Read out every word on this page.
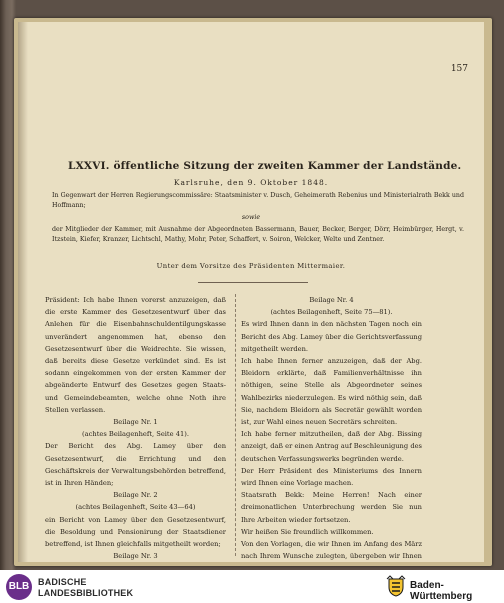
157
LXXVI. öffentliche Sitzung der zweiten Kammer der Landstände.
Karlsruhe, den 9. Oktober 1848.
In Gegenwart der Herren Regierungscommissäre: Staatsminister v. Dusch, Geheimerath Rebenius und Ministerialrath Bekk und Hoffmann;
sowie
der Mitglieder der Kammer, mit Ausnahme der Abgeordneten Bassermann, Bauer, Becker, Berger, Dörr, Heimbürger, Hergt, v. Itzstein, Kiefer, Kranzer, Lichtschl, Mathy, Mohr, Peter, Schaffert, v. Soiron, Welcker, Welte und Zentner.
Unter dem Vorsitze des Präsidenten Mittermaier.

Präsident: Ich habe Ihnen vorerst anzuzeigen, daß die erste Kammer des Gesetzesentwurf über das Anlehen für die Eisenbahnschuldentilgungskasse unverändert angenommen hat, ebenso den Gesetzesentwurf über die Weidrechte. Sie wissen, daß bereits diese Gesetze verkündet sind. Es ist sodann eingekommen von der ersten Kammer der abgeänderte Entwurf des Gesetzes gegen Staats- und Gemeindebeamten, welche ohne Noth ihre Stellen verlassen.

Beilage Nr. 1

(achtes Beilagenheft, Seite 41).

Der Bericht des Abg. Lamey über den Gesetzesentwurf, die Errichtung und den Geschäftskreis der Verwaltungsbehörden betreffend, ist in Ihren Händen;

Beilage Nr. 2

(achtes Beilagenheft, Seite 43—64)

ein Bericht von Lamey über den Gesetzesentwurf, die Besoldung und Pensionirung der Staatsdiener betreffend, ist Ihnen gleichfalls mitgetheilt worden;

Beilage Nr. 3

Beilage Nr. 4

(achtes Beilagenheft, Seite 75—81).

Es wird Ihnen dann in den nächsten Tagen noch ein Bericht des Abg. Lamey über die Gerichtsverfassung mitgetheilt werden.

Ich habe Ihnen ferner anzuzeigen, daß der Abg. Bleidorn erklärte, daß Familienverhältnisse ihn nöthigen, seine Stelle als Abgeordneter seines Wahlbezirks niederzulegen. Es wird nöthig sein, daß Sie, nachdem Bleidorn als Secretär gewählt worden ist, zur Wahl eines neuen Secretärs schreiten.

Ich habe ferner mitzutheilen, daß der Abg. Bissing anzeigt, daß er einen Antrag auf Beschleunigung des deutschen Verfassungswerks begründen werde.

Der Herr Präsident des Ministeriums des Innern wird Ihnen eine Vorlage machen.

Staatsrath Bekk: Meine Herren! Nach einer dreimonatlichen Unterbrechung werden Sie nun Ihre Arbeiten wieder fortsetzen.

Wir heißen Sie freundlich willkommen.

Von den Vorlagen, die wir Ihnen im Anfang des März nach Ihrem Wunsche zulegten, übergeben wir Ihnen

BLB BADISCHE
LANDESBIBLIOTHEK
Baden-Württemberg
